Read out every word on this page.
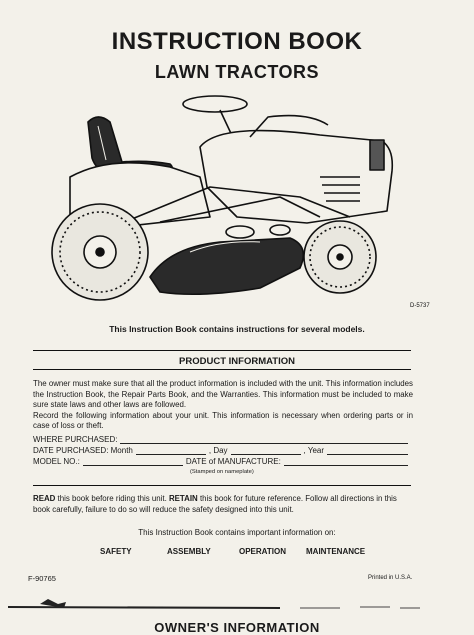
INSTRUCTION BOOK
LAWN TRACTORS
D-5737
This Instruction Book contains instructions for several models.
PRODUCT INFORMATION

The owner must make sure that all the product information is included with the unit. This information includes the Instruction Book, the Repair Parts Book, and the Warranties. This information must be included to make sure state laws and other laws are followed.

Record the following information about your unit. This information is necessary when ordering parts or in case of loss or theft.

WHERE PURCHASED:
DATE PURCHASED: Month	, Day	, Year
MODEL NO.:	DATE of MANUFACTURE:
(Stamped on nameplate)

READ this book before riding this unit. RETAIN this book for future reference. Follow all directions in this book carefully, failure to do so will reduce the safety designed into this unit.

This Instruction Book contains important information on:
SAFETY	ASSEMBLY	OPERATION	MAINTENANCE
F-90765	Printed in U.S.A.
OWNER'S INFORMATION
